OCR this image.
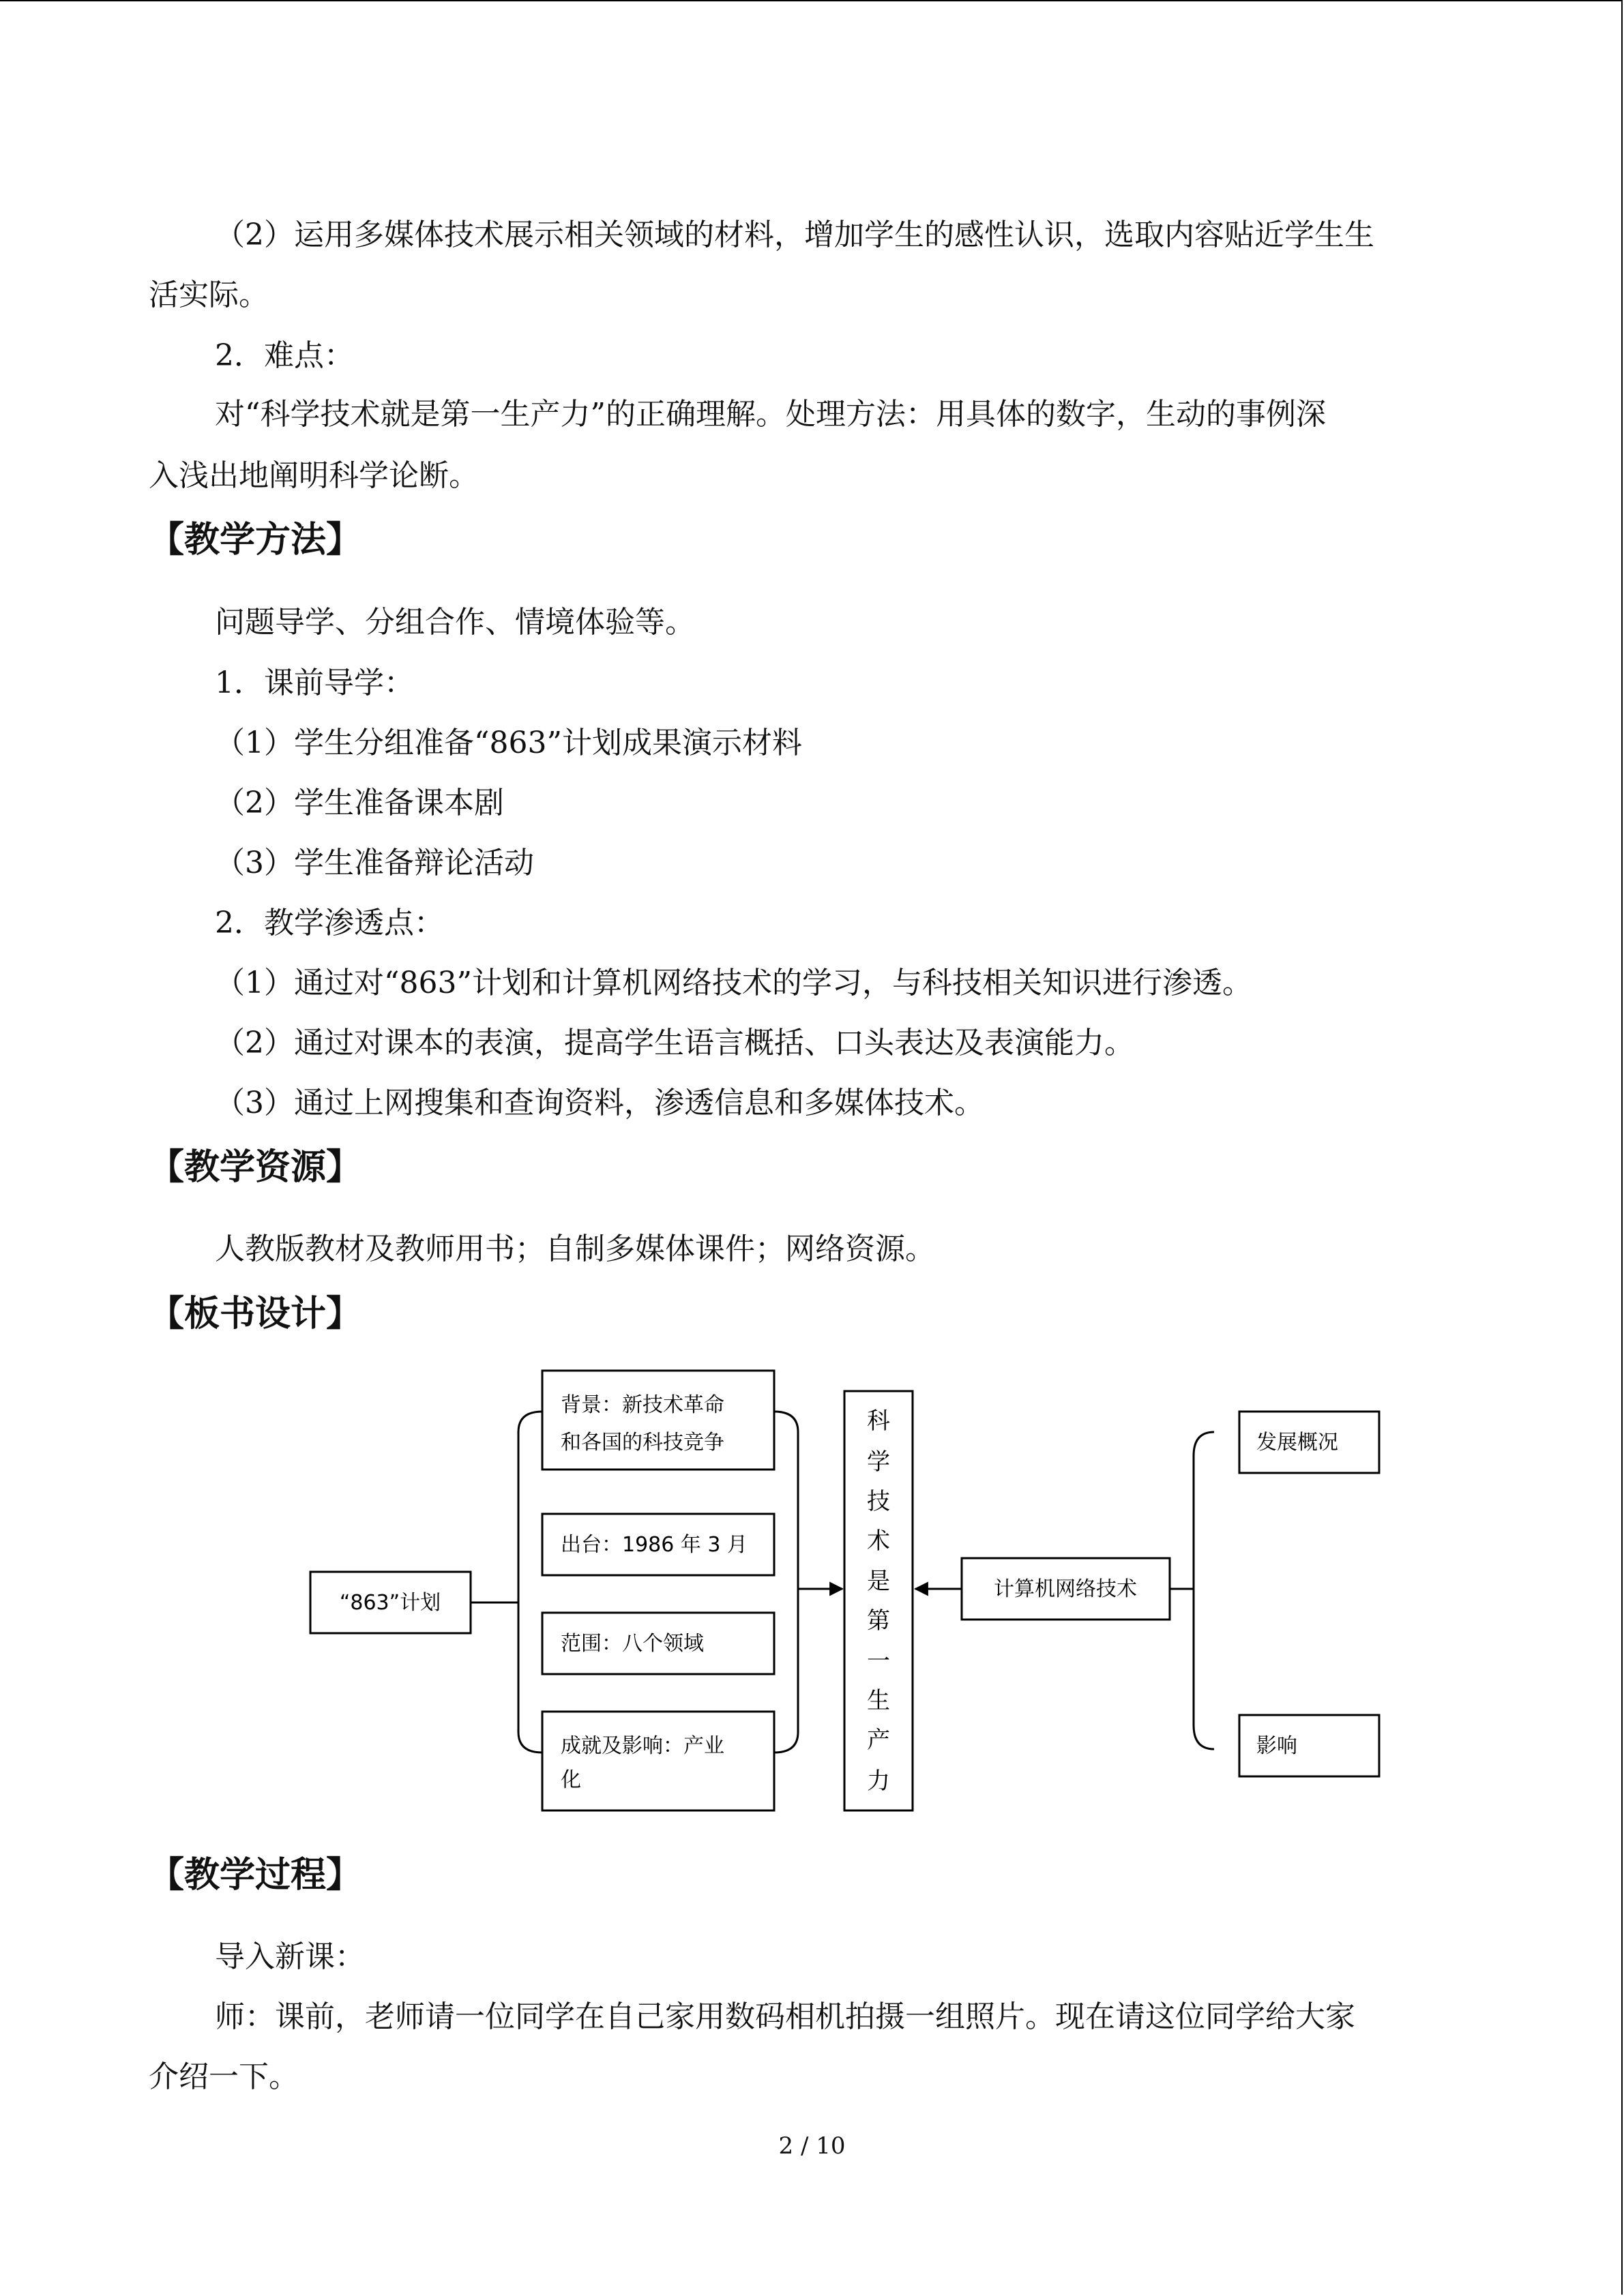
（2）运用多媒体技术展示相关领域的材料，增加学生的感性认识，选取内容贴近学生生
活实际。
2．难点：
对“科学技术就是第一生产力”的正确理解。处理方法：用具体的数字，生动的事例深
入浅出地阐明科学论断。
【教学方法】
问题导学、分组合作、情境体验等。
1．课前导学：
（1）学生分组准备“863”计划成果演示材料
（2）学生准备课本剧
（3）学生准备辩论活动
2．教学渗透点：
（1）通过对“863”计划和计算机网络技术的学习，与科技相关知识进行渗透。
（2）通过对课本的表演，提高学生语言概括、口头表达及表演能力。
（3）通过上网搜集和查询资料，渗透信息和多媒体技术。
【教学资源】
人教版教材及教师用书；自制多媒体课件；网络资源。
【板书设计】
“863”计划
背景：新技术革命
和各国的科技竞争
出台：1986 年 3 月
范围：八个领域
成就及影响：产业
化
科
学
技
术
是
第
一
生
产
力
计算机网络技术
发展概况
影响
【教学过程】
导入新课：
师：课前，老师请一位同学在自己家用数码相机拍摄一组照片。现在请这位同学给大家
介绍一下。
2 / 10
